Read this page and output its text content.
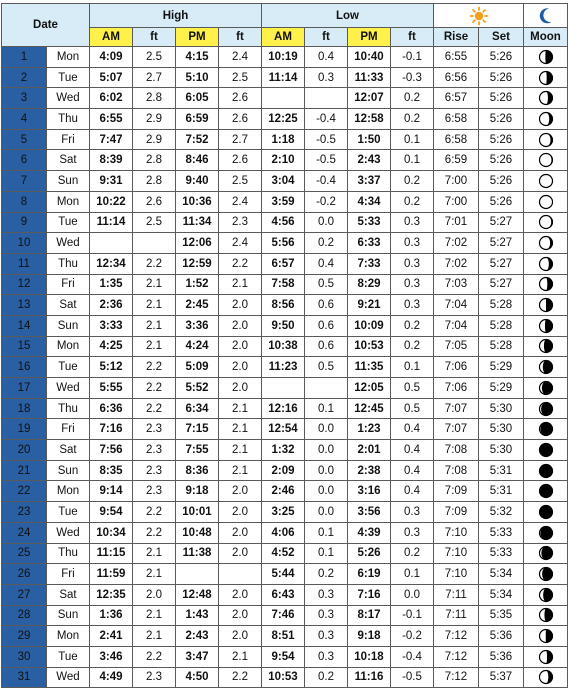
Date		High				Low	

		AM	ft	PM	ft	AM	ft	PM	ft	Rise	Set	Moon
1	Mon	4:09	2.5	4:15	2.4	10:19	0.4	10:40	-0.1	6:55	5:26	

2	Tue	5:07	2.7	5:10	2.5	11:14	0.3	11:33	-0.3	6:56	5:26	

3	Wed	6:02	2.8	6:05	2.6			12:07	0.2	6:57	5:26	

4	Thu	6:55	2.9	6:59	2.6	12:25	-0.4	12:58	0.2	6:58	5:26	

5	Fri	7:47	2.9	7:52	2.7	1:18	-0.5	1:50	0.1	6:58	5:26	

6	Sat	8:39	2.8	8:46	2.6	2:10	-0.5	2:43	0.1	6:59	5:26	

7	Sun	9:31	2.8	9:40	2.5	3:04	-0.4	3:37	0.2	7:00	5:26	

8	Mon	10:22	2.6	10:36	2.4	3:59	-0.2	4:34	0.2	7:00	5:26	

9	Tue	11:14	2.5	11:34	2.3	4:56	0.0	5:33	0.3	7:01	5:27	

10	Wed			12:06	2.4	5:56	0.2	6:33	0.3	7:02	5:27	

11	Thu	12:34	2.2	12:59	2.2	6:57	0.4	7:33	0.3	7:02	5:27	

12	Fri	1:35	2.1	1:52	2.1	7:58	0.5	8:29	0.3	7:03	5:27	

13	Sat	2:36	2.1	2:45	2.0	8:56	0.6	9:21	0.3	7:04	5:28	

14	Sun	3:33	2.1	3:36	2.0	9:50	0.6	10:09	0.2	7:04	5:28	

15	Mon	4:25	2.1	4:24	2.0	10:38	0.6	10:53	0.2	7:05	5:28	

16	Tue	5:12	2.2	5:09	2.0	11:23	0.5	11:35	0.1	7:06	5:29	

17	Wed	5:55	2.2	5:52	2.0			12:05	0.5	7:06	5:29	

18	Thu	6:36	2.2	6:34	2.1	12:16	0.1	12:45	0.5	7:07	5:30	

19	Fri	7:16	2.3	7:15	2.1	12:54	0.0	1:23	0.4	7:07	5:30	

20	Sat	7:56	2.3	7:55	2.1	1:32	0.0	2:01	0.4	7:08	5:30	

21	Sun	8:35	2.3	8:36	2.1	2:09	0.0	2:38	0.4	7:08	5:31	

22	Mon	9:14	2.3	9:18	2.0	2:46	0.0	3:16	0.4	7:09	5:31	

23	Tue	9:54	2.2	10:01	2.0	3:25	0.0	3:56	0.3	7:09	5:32	

24	Wed	10:34	2.2	10:48	2.0	4:06	0.1	4:39	0.3	7:10	5:33	

25	Thu	11:15	2.1	11:38	2.0	4:52	0.1	5:26	0.2	7:10	5:33	

26	Fri	11:59	2.1			5:44	0.2	6:19	0.1	7:10	5:34	

27	Sat	12:35	2.0	12:48	2.0	6:43	0.3	7:16	0.0	7:11	5:34	

28	Sun	1:36	2.1	1:43	2.0	7:46	0.3	8:17	-0.1	7:11	5:35	

29	Mon	2:41	2.1	2:43	2.0	8:51	0.3	9:18	-0.2	7:12	5:36	

30	Tue	3:46	2.2	3:47	2.1	9:54	0.3	10:18	-0.4	7:12	5:36	

31	Wed	4:49	2.3	4:50	2.2	10:53	0.2	11:16	-0.5	7:12	5:37	
